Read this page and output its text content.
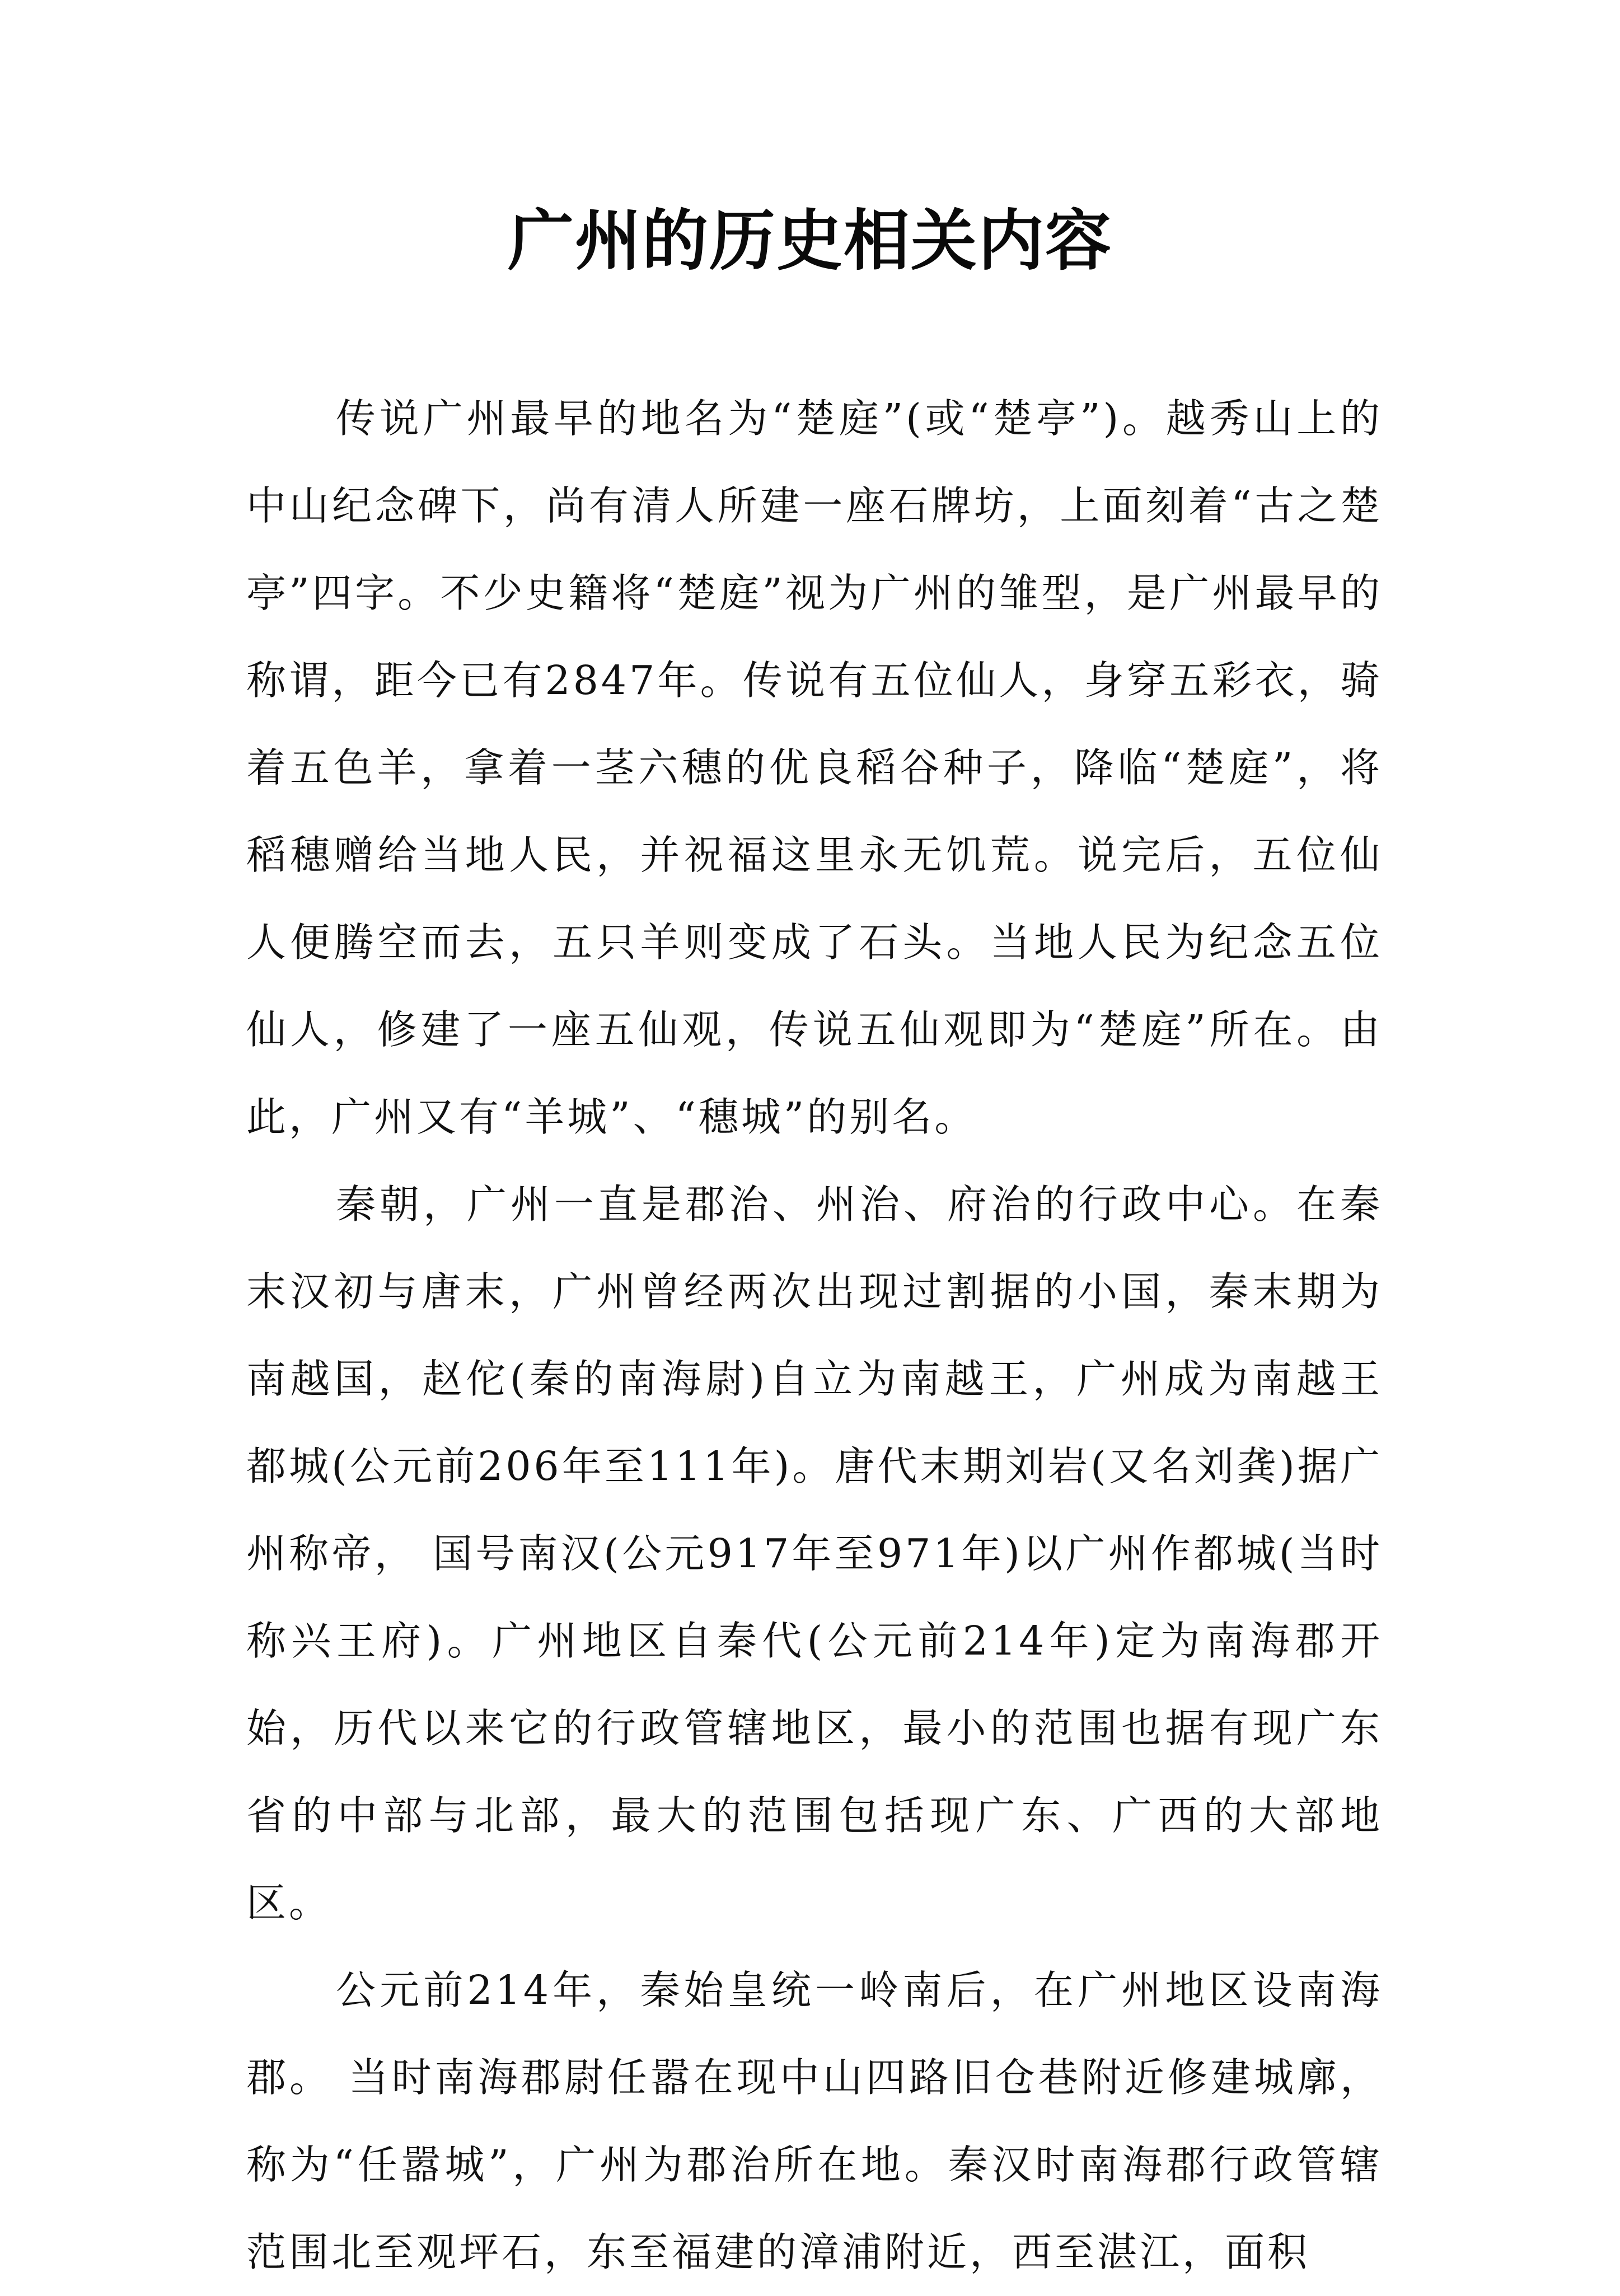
广州的历史相关内容

传说广州最早的地名为“楚庭”(或“楚亭”)。越秀山上的中山纪念碑下，尚有清人所建一座石牌坊，上面刻着“古之楚亭”四字。不少史籍将“楚庭”视为广州的雏型，是广州最早的称谓，距今已有2847年。传说有五位仙人，身穿五彩衣，骑着五色羊，拿着一茎六穗的优良稻谷种子，降临“楚庭”，将稻穗赠给当地人民，并祝福这里永无饥荒。说完后，五位仙人便腾空而去，五只羊则变成了石头。当地人民为纪念五位仙人，修建了一座五仙观，传说五仙观即为“楚庭”所在。由此，广州又有“羊城”、“穗城”的别名。

秦朝，广州一直是郡治、州治、府治的行政中心。在秦末汉初与唐末，广州曾经两次出现过割据的小国，秦末期为南越国，赵佗(秦的南海尉)自立为南越王，广州成为南越王都城(公元前206年至111年)。唐代末期刘岩(又名刘龚)据广州称帝， 国号南汉(公元917年至971年)以广州作都城(当时称兴王府)。广州地区自秦代(公元前214年)定为南海郡开始，历代以来它的行政管辖地区，最小的范围也据有现广东省的中部与北部，最大的范围包括现广东、广西的大部地区。

公元前214年，秦始皇统一岭南后，在广州地区设南海郡。 当时南海郡尉任嚣在现中山四路旧仓巷附近修建城廓，称为“任嚣城”，广州为郡治所在地。秦汉时南海郡行政管辖范围北至观坪石，东至福建的漳浦附近，西至湛江，面积
